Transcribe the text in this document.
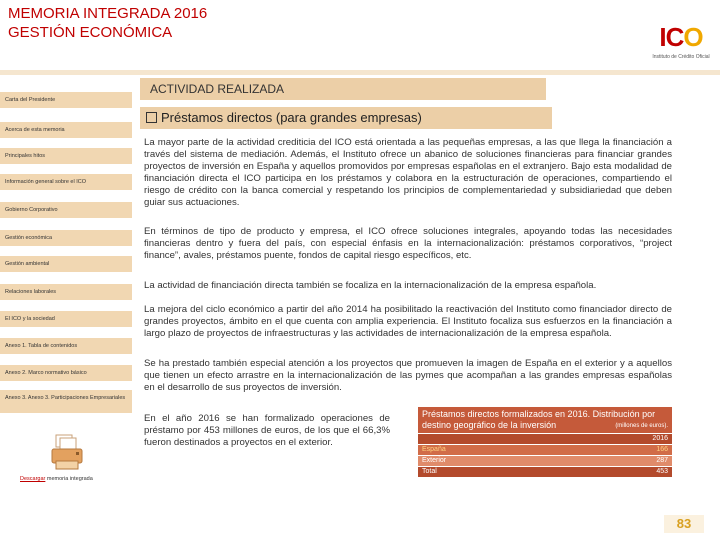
MEMORIA INTEGRADA 2016
GESTIÓN ECONÓMICA	ICO
Instituto de Crédito Oficial
ACTIVIDAD REALIZADA
Carta del Presidente
Acerca de esta memoria
Principales hitos
Información general sobre el ICO
Gobierno Corporativo
Gestión económica
Gestión ambiental
Relaciones laborales
El ICO y la sociedad
Anexo 1. Tabla de contenidos
Anexo 2. Marco normativo básico
Anexo 3. Anexo 3. Participaciones Empresariales
Préstamos directos (para grandes empresas)

La mayor parte de la actividad crediticia del ICO está orientada a las pequeñas empresas, a las que llega la financiación a través del sistema de mediación. Además, el Instituto ofrece un abanico de soluciones financieras para financiar grandes proyectos de inversión en España y aquellos promovidos por empresas españolas en el extranjero. Bajo esta modalidad de financiación directa el ICO participa en los préstamos y colabora en la estructuración de operaciones, compartiendo el riesgo de crédito con la banca comercial y respetando los principios de complementariedad y subsidiariedad que deben guiar sus actuaciones.

En términos de tipo de producto y empresa, el ICO ofrece soluciones integrales, apoyando todas las necesidades financieras dentro y fuera del país, con especial énfasis en la internacionalización: préstamos corporativos, “project finance”, avales, préstamos puente, fondos de capital riesgo específicos, etc.

La actividad de financiación directa también se focaliza en la internacionalización de la empresa española.

La mejora del ciclo económico a partir del año 2014 ha posibilitado la reactivación del Instituto como financiador directo de grandes proyectos, ámbito en el que cuenta con amplia experiencia. El Instituto focaliza sus esfuerzos en la financiación a largo plazo de proyectos de infraestructuras y las actividades de internacionalización de la empresa española.

Se ha prestado también especial atención a los proyectos que promueven la imagen de España en el exterior y a aquellos que tienen un efecto arrastre en la internacionalización de las pymes que acompañan a las grandes empresas españolas en el desarrollo de sus proyectos de inversión.

En el año 2016 se han formalizado operaciones de préstamo por 453 millones de euros, de los que el 66,3% fueron destinados a proyectos en el exterior.

Préstamos directos formalizados en 2016. Distribución por destino geográfico de la inversión	(millones de euros).
2016
España	166
Exterior	287
Total	453
Descargar memoria integrada
83
